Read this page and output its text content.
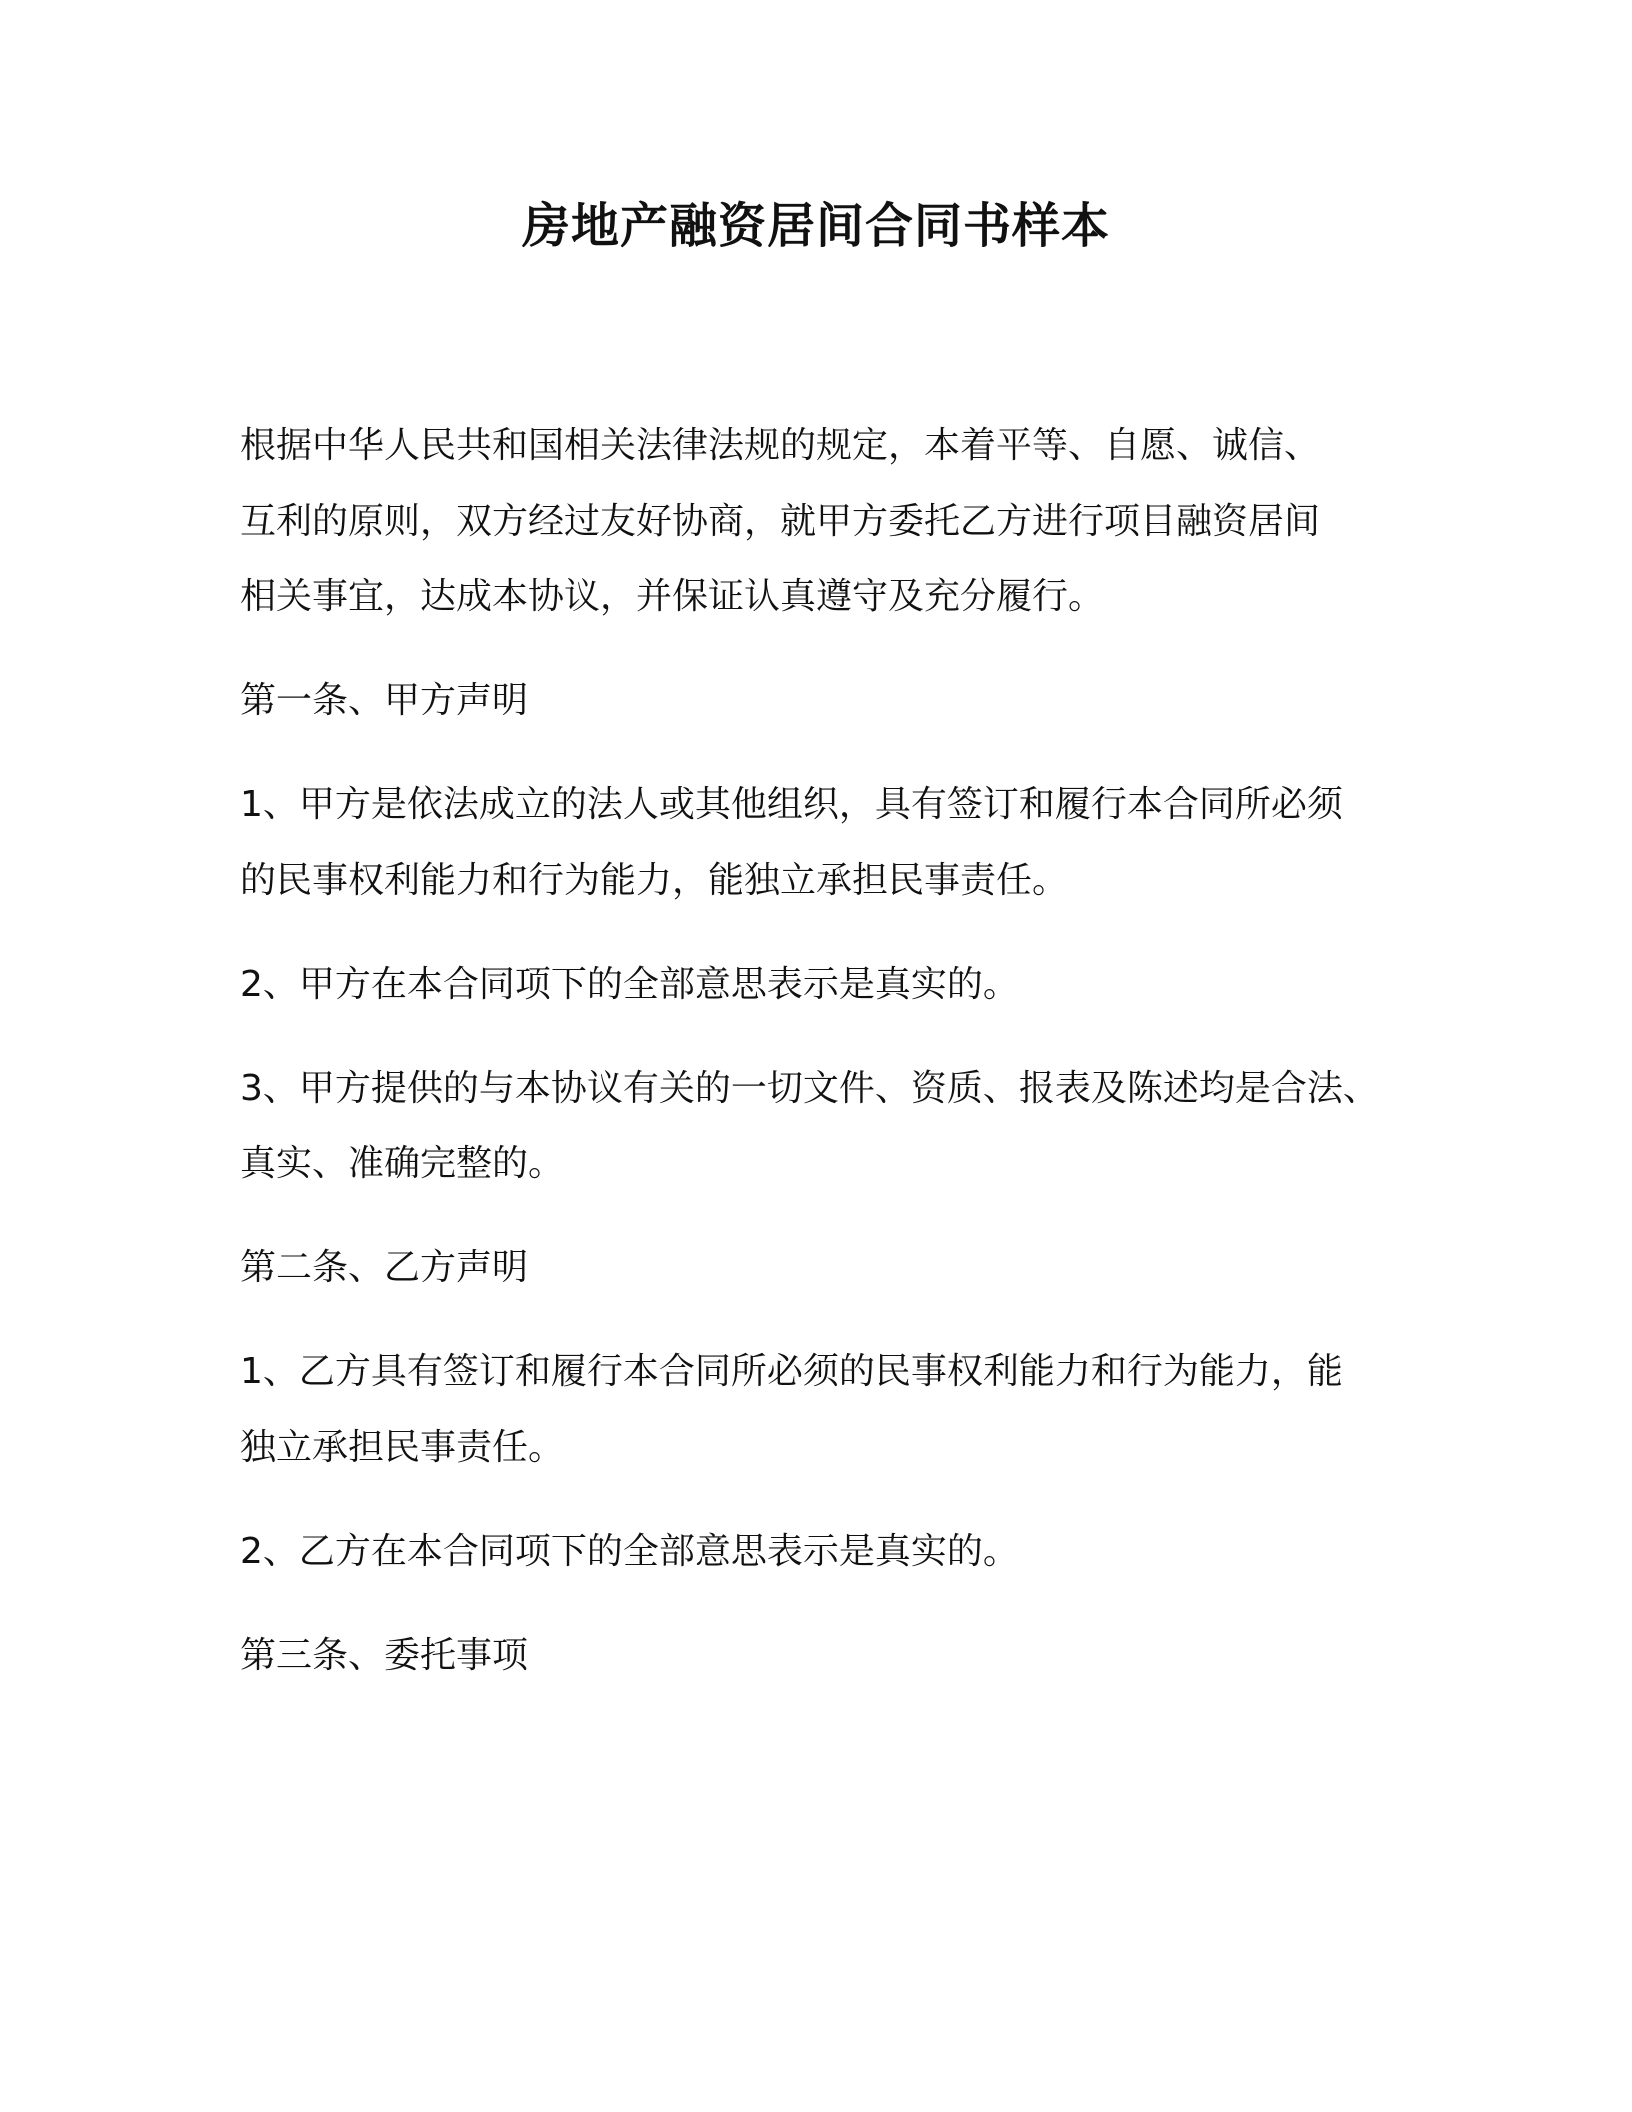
房地产融资居间合同书样本

根据中华人民共和国相关法律法规的规定，本着平等、自愿、诚信、

互利的原则，双方经过友好协商，就甲方委托乙方进行项目融资居间

相关事宜，达成本协议，并保证认真遵守及充分履行。

第一条、甲方声明

1、甲方是依法成立的法人或其他组织，具有签订和履行本合同所必须

的民事权利能力和行为能力，能独立承担民事责任。

2、甲方在本合同项下的全部意思表示是真实的。

3、甲方提供的与本协议有关的一切文件、资质、报表及陈述均是合法、

真实、准确完整的。

第二条、乙方声明

1、乙方具有签订和履行本合同所必须的民事权利能力和行为能力，能

独立承担民事责任。

2、乙方在本合同项下的全部意思表示是真实的。

第三条、委托事项
